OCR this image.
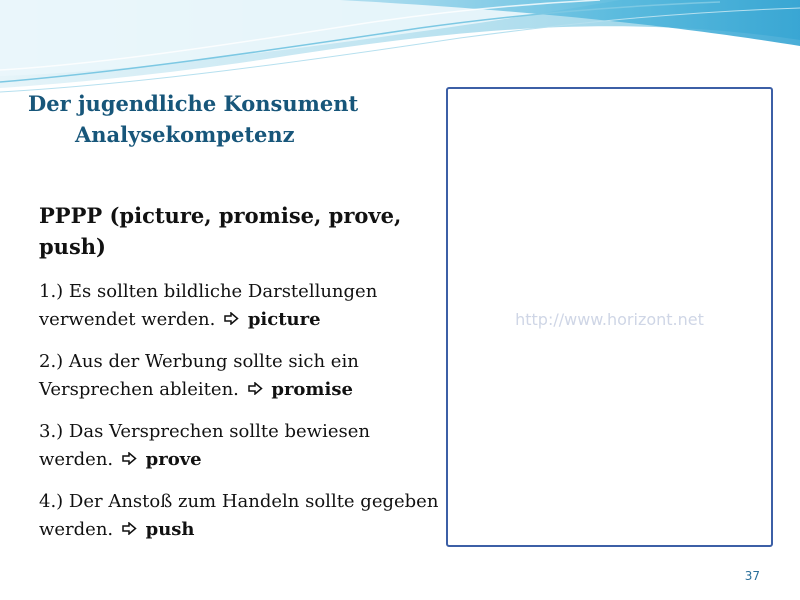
Der jugendliche Konsument
Analysekompetenz

PPPP (picture, promise, prove, push)

1.) Es sollten bildliche Darstellungen verwendet werden. picture

2.) Aus der Werbung sollte sich ein Versprechen ableiten. promise

3.) Das Versprechen sollte bewiesen werden. prove

4.) Der Anstoß zum Handeln sollte gegeben werden. push

http://www.horizont.net
37
